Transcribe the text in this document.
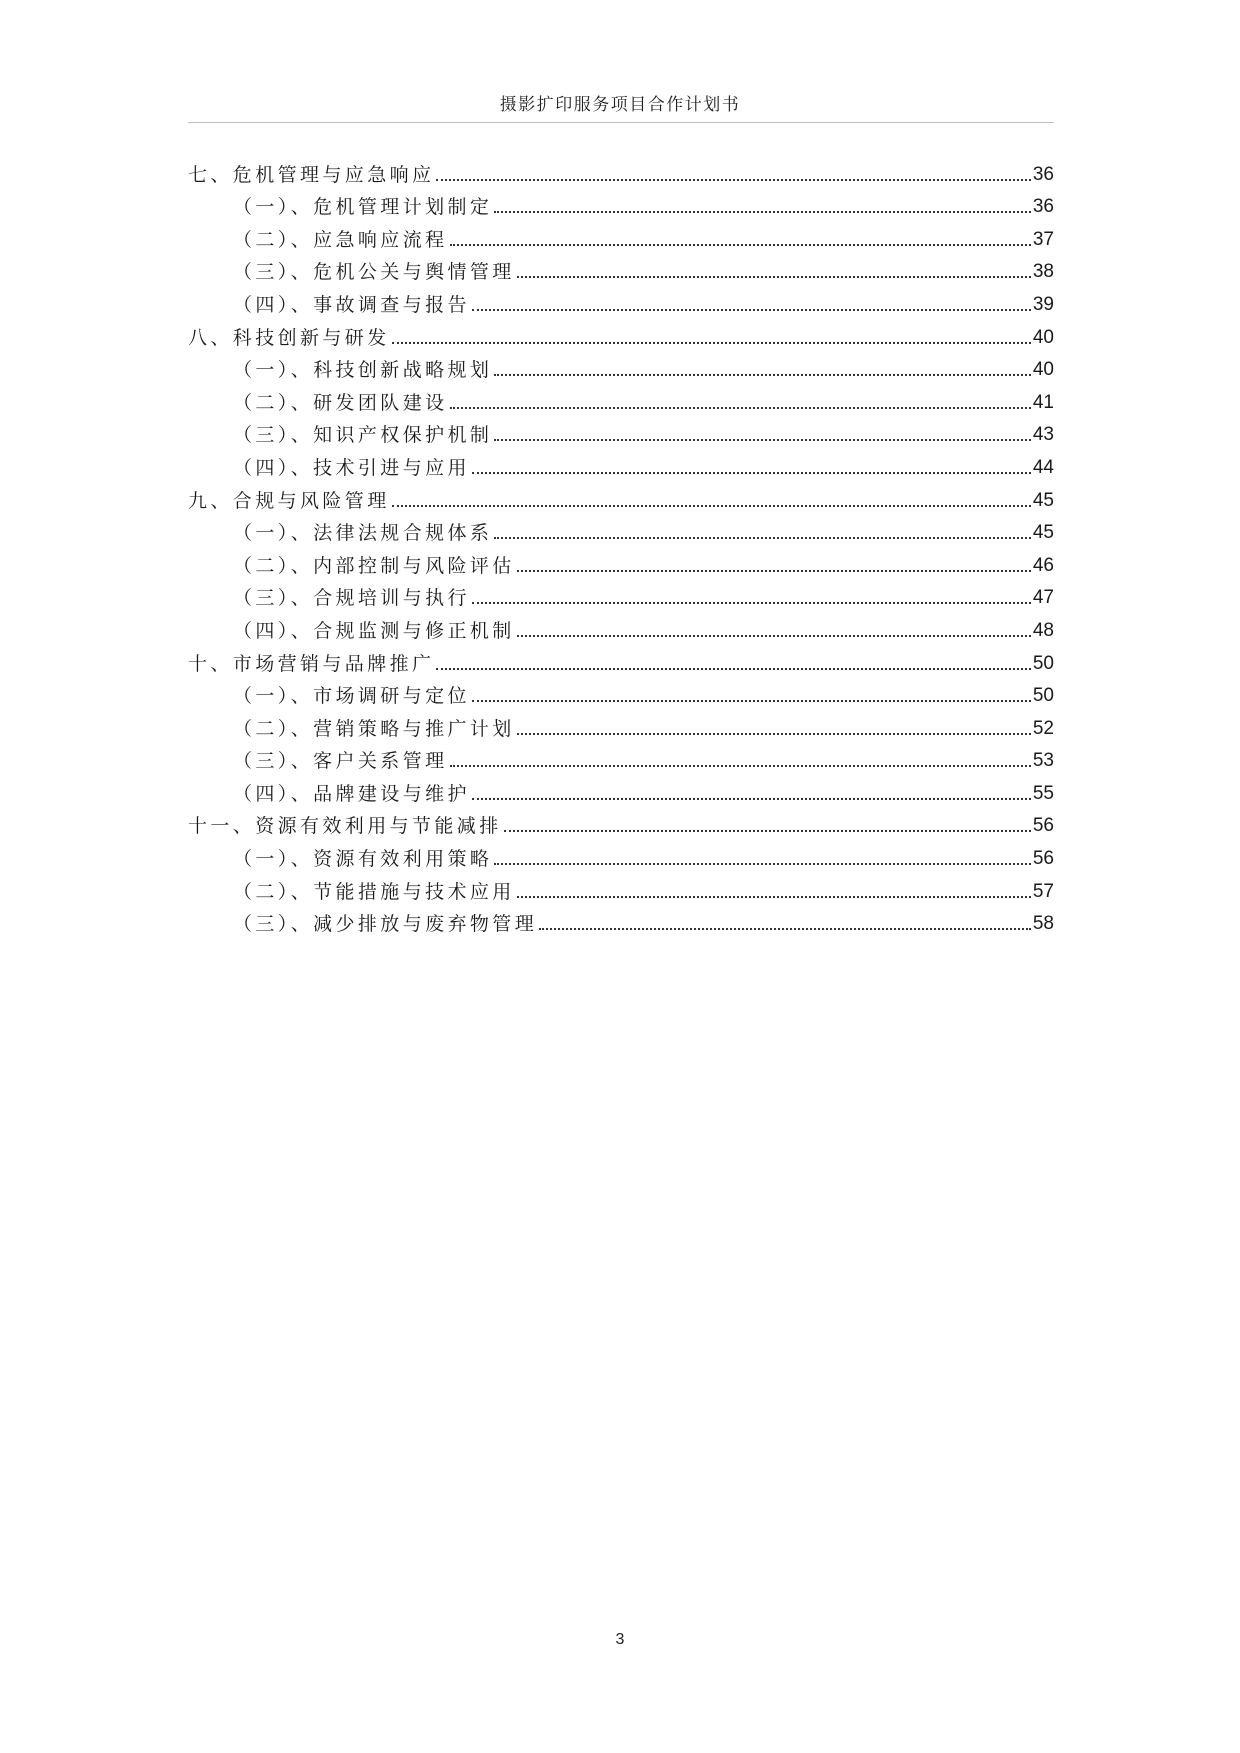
摄影扩印服务项目合作计划书
七、危机管理与应急响应	36
（一）、危机管理计划制定	36
（二）、应急响应流程	37
（三）、危机公关与舆情管理	38
（四）、事故调查与报告	39
八、科技创新与研发	40
（一）、科技创新战略规划	40
（二）、研发团队建设	41
（三）、知识产权保护机制	43
（四）、技术引进与应用	44
九、合规与风险管理	45
（一）、法律法规合规体系	45
（二）、内部控制与风险评估	46
（三）、合规培训与执行	47
（四）、合规监测与修正机制	48
十、市场营销与品牌推广	50
（一）、市场调研与定位	50
（二）、营销策略与推广计划	52
（三）、客户关系管理	53
（四）、品牌建设与维护	55
十一、资源有效利用与节能减排	56
（一）、资源有效利用策略	56
（二）、节能措施与技术应用	57
（三）、减少排放与废弃物管理	58
3
